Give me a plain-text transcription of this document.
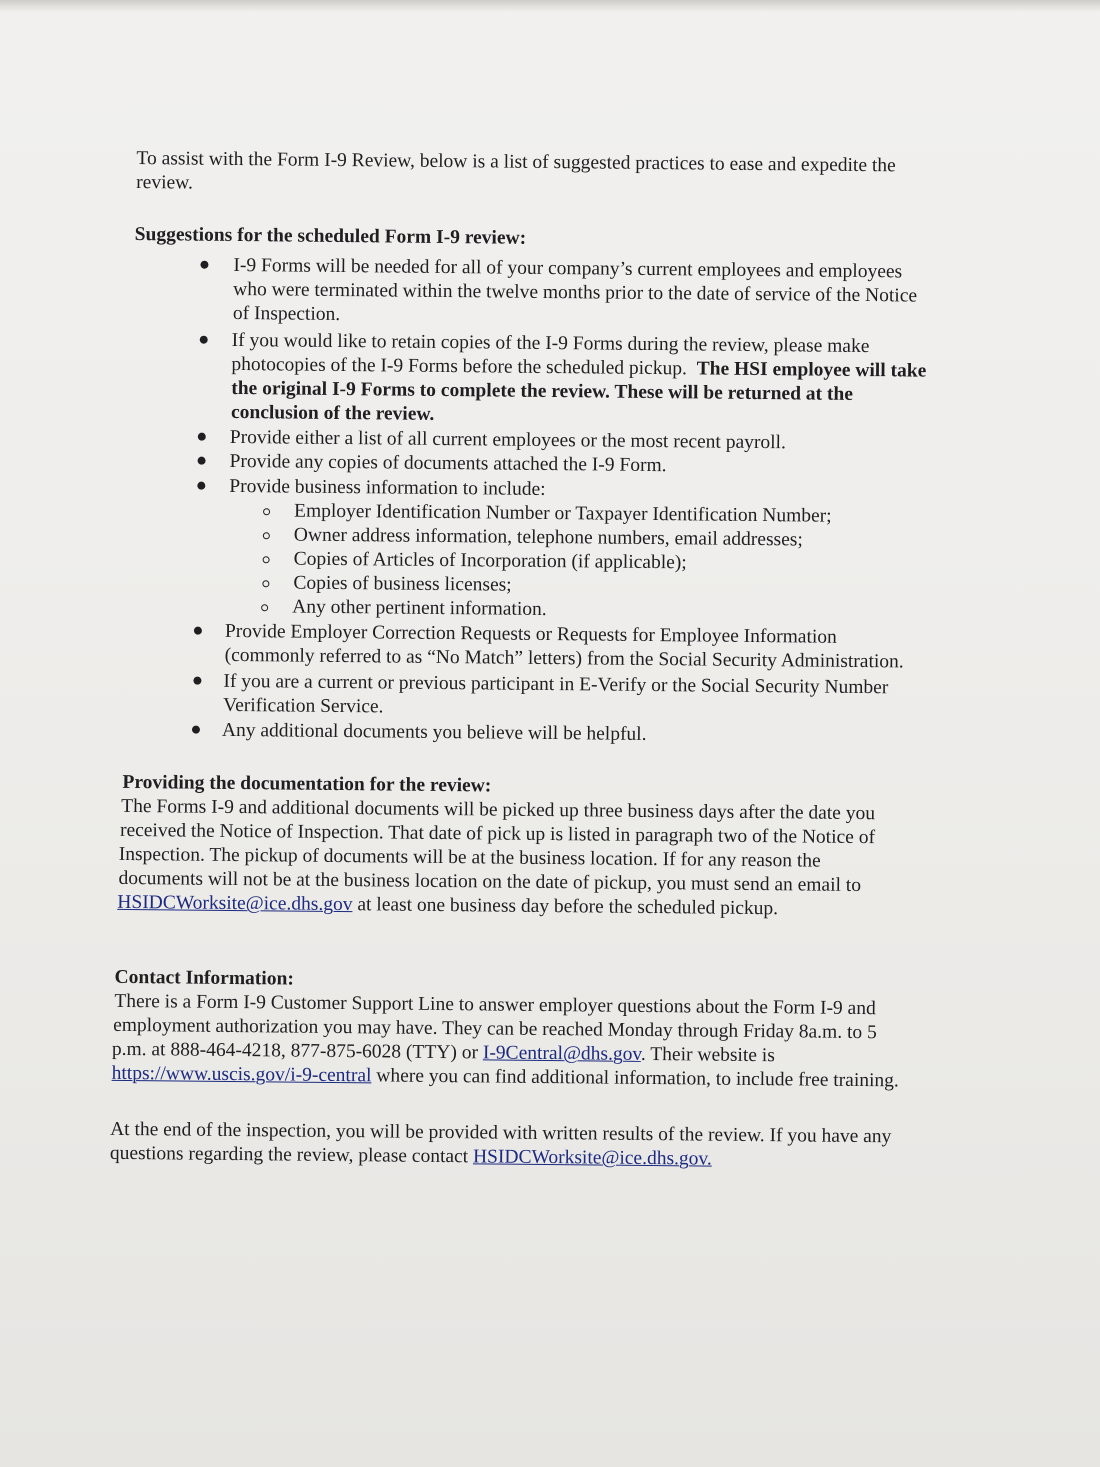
To assist with the Form I-9 Review, below is a list of suggested practices to ease and expedite the
review.
Suggestions for the scheduled Form I-9 review:
I-9 Forms will be needed for all of your company’s current employees and employees
who were terminated within the twelve months prior to the date of service of the Notice
of Inspection.
If you would like to retain copies of the I-9 Forms during the review, please make
photocopies of the I-9 Forms before the scheduled pickup. The HSI employee will take
the original I-9 Forms to complete the review. These will be returned at the
conclusion of the review.
Provide either a list of all current employees or the most recent payroll.
Provide any copies of documents attached the I-9 Form.
Provide business information to include:
Employer Identification Number or Taxpayer Identification Number;
Owner address information, telephone numbers, email addresses;
Copies of Articles of Incorporation (if applicable);
Copies of business licenses;
Any other pertinent information.
Provide Employer Correction Requests or Requests for Employee Information
(commonly referred to as “No Match” letters) from the Social Security Administration.
If you are a current or previous participant in E-Verify or the Social Security Number
Verification Service.
Any additional documents you believe will be helpful.
Providing the documentation for the review:
The Forms I-9 and additional documents will be picked up three business days after the date you
received the Notice of Inspection. That date of pick up is listed in paragraph two of the Notice of
Inspection. The pickup of documents will be at the business location. If for any reason the
documents will not be at the business location on the date of pickup, you must send an email to
HSIDCWorksite@ice.dhs.gov at least one business day before the scheduled pickup.
Contact Information:
There is a Form I-9 Customer Support Line to answer employer questions about the Form I-9 and
employment authorization you may have. They can be reached Monday through Friday 8a.m. to 5
p.m. at 888-464-4218, 877-875-6028 (TTY) or I-9Central@dhs.gov. Their website is
https://www.uscis.gov/i-9-central where you can find additional information, to include free training.
At the end of the inspection, you will be provided with written results of the review. If you have any
questions regarding the review, please contact HSIDCWorksite@ice.dhs.gov.
